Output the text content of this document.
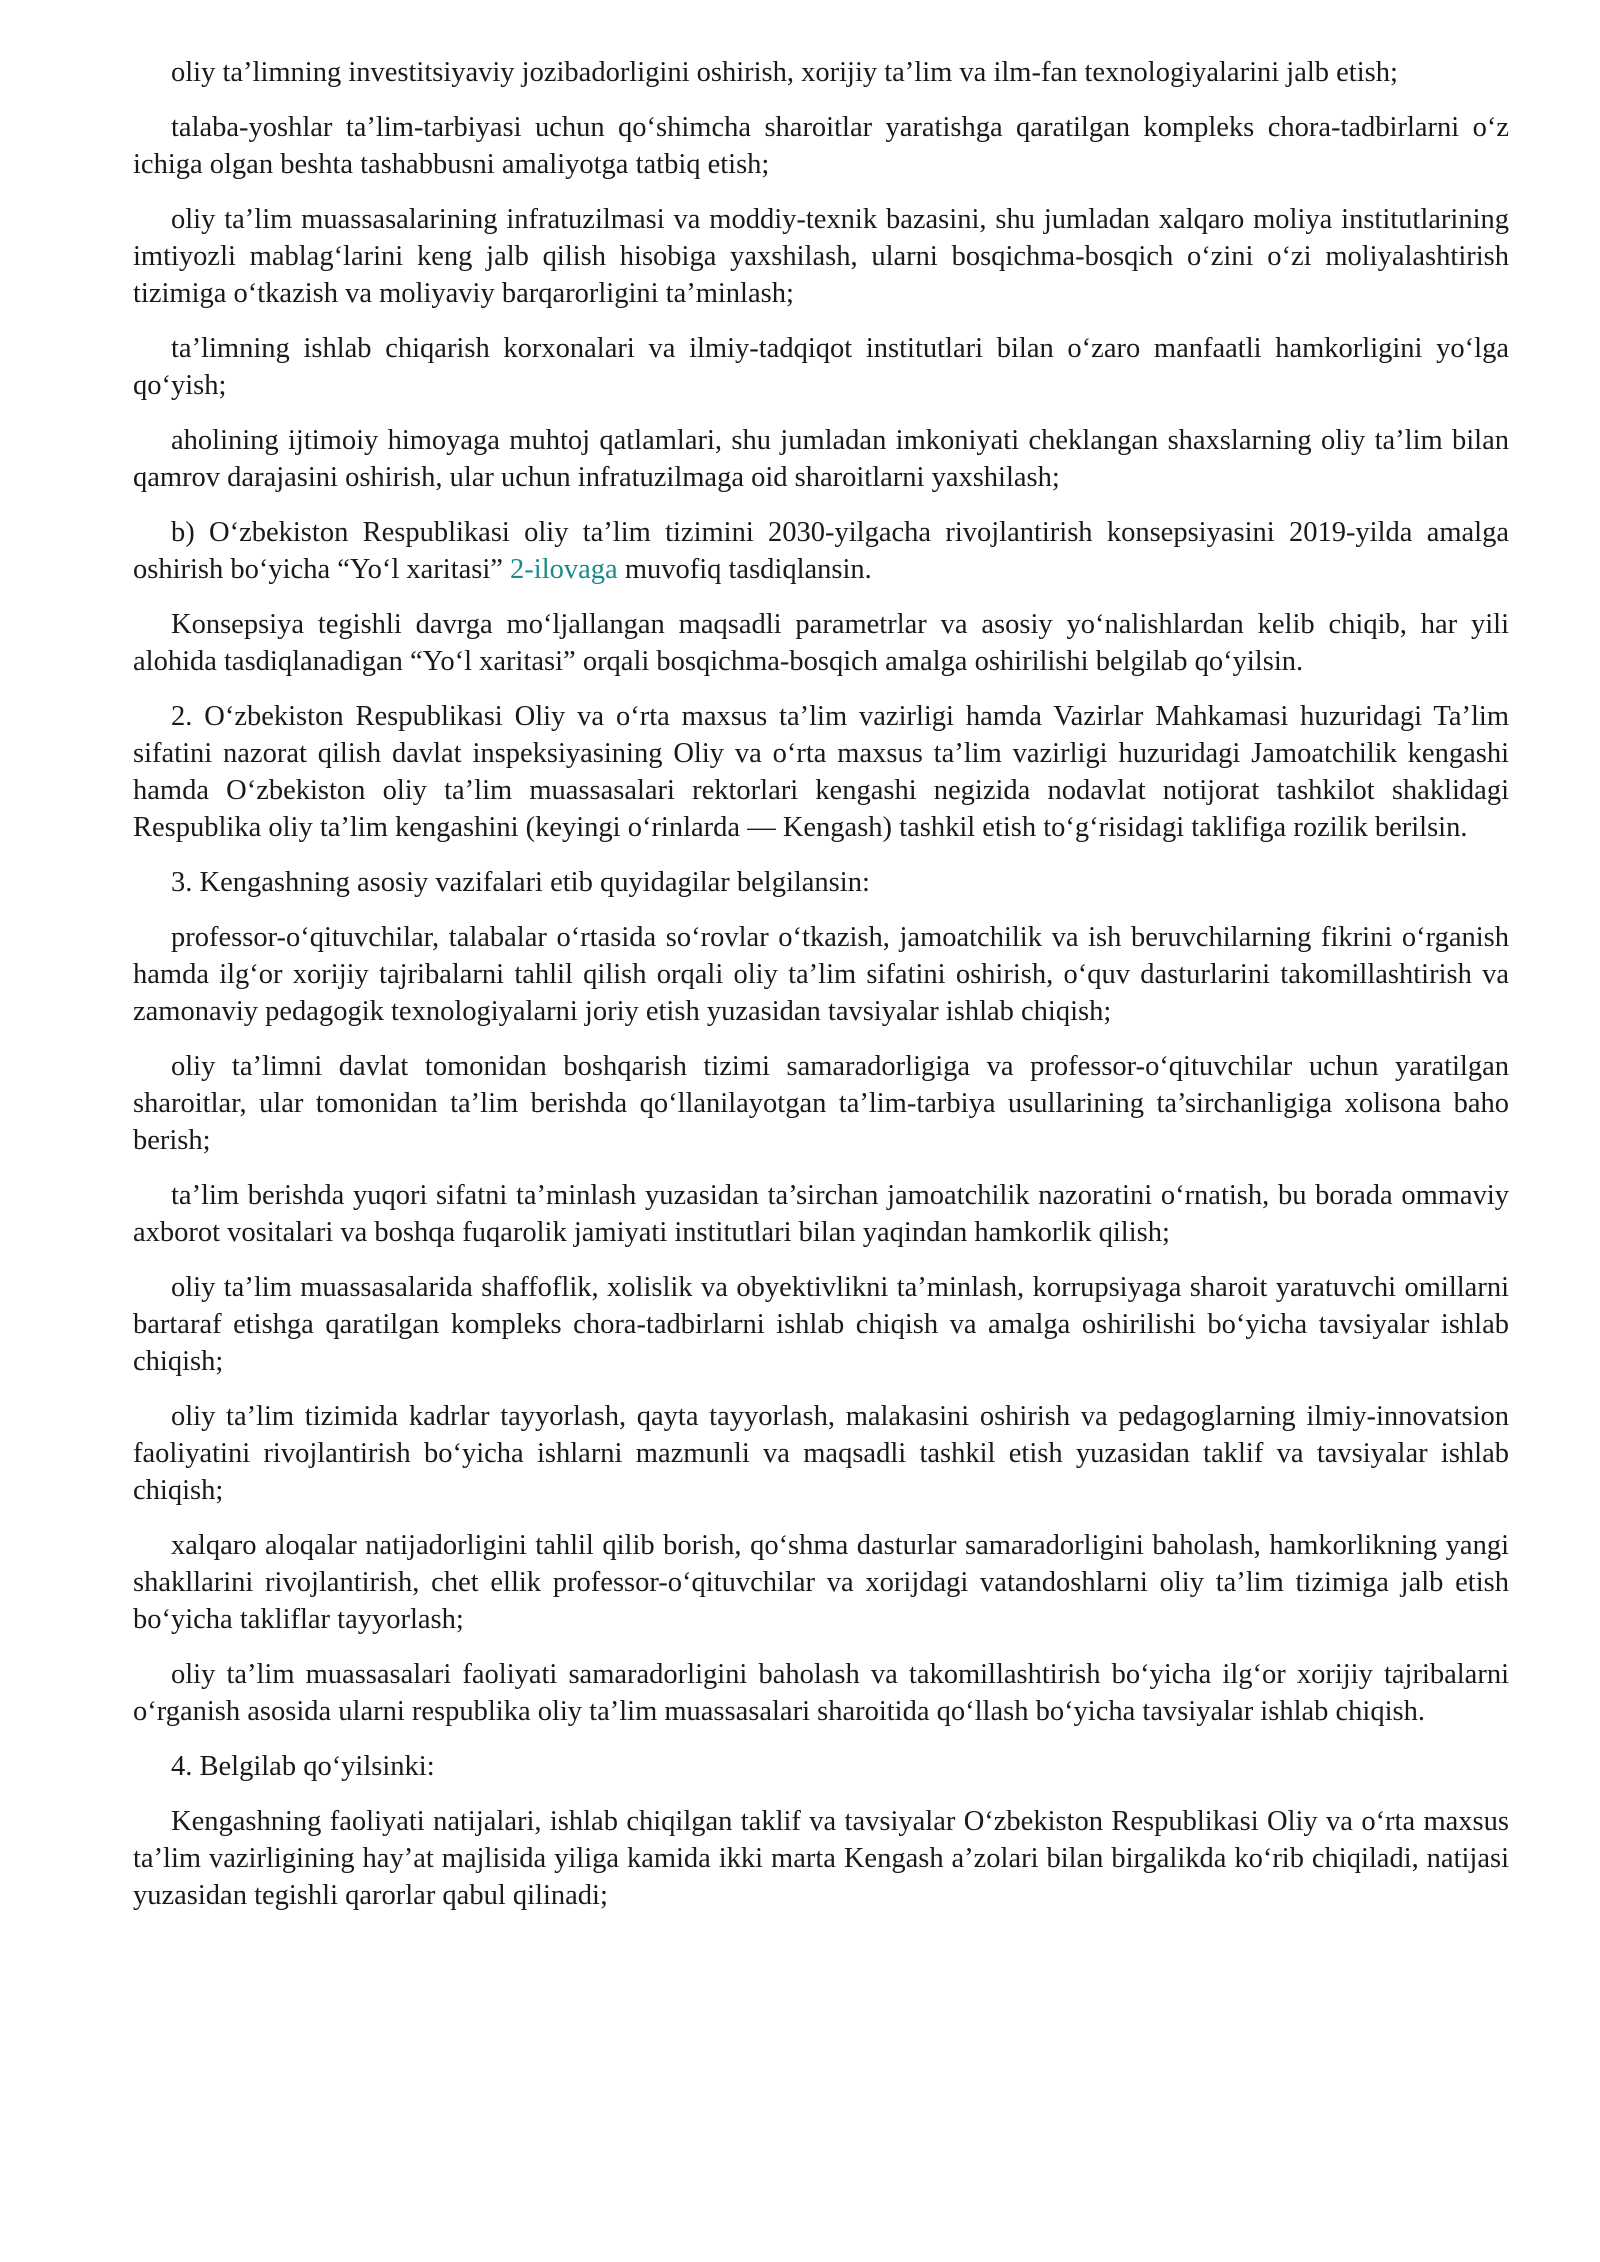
oliy ta’limning investitsiyaviy jozibadorligini oshirish, xorijiy ta’lim va ilm-fan texnologiyalarini jalb etish;

talaba-yoshlar ta’lim-tarbiyasi uchun qo‘shimcha sharoitlar yaratishga qaratilgan kompleks chora-tadbirlarni o‘z ichiga olgan beshta tashabbusni amaliyotga tatbiq etish;

oliy ta’lim muassasalarining infratuzilmasi va moddiy-texnik bazasini, shu jumladan xalqaro moliya institutlarining imtiyozli mablag‘larini keng jalb qilish hisobiga yaxshilash, ularni bosqichma-bosqich o‘zini o‘zi moliyalashtirish tizimiga o‘tkazish va moliyaviy barqarorligini ta’minlash;

ta’limning ishlab chiqarish korxonalari va ilmiy-tadqiqot institutlari bilan o‘zaro manfaatli hamkorligini yo‘lga qo‘yish;

aholining ijtimoiy himoyaga muhtoj qatlamlari, shu jumladan imkoniyati cheklangan shaxslarning oliy ta’lim bilan qamrov darajasini oshirish, ular uchun infratuzilmaga oid sharoitlarni yaxshilash;

b) O‘zbekiston Respublikasi oliy ta’lim tizimini 2030-yilgacha rivojlantirish konsepsiyasini 2019-yilda amalga oshirish bo‘yicha “Yo‘l xaritasi” 2-ilovaga muvofiq tasdiqlansin.

Konsepsiya tegishli davrga mo‘ljallangan maqsadli parametrlar va asosiy yo‘nalishlardan kelib chiqib, har yili alohida tasdiqlanadigan “Yo‘l xaritasi” orqali bosqichma-bosqich amalga oshirilishi belgilab qo‘yilsin.

2. O‘zbekiston Respublikasi Oliy va o‘rta maxsus ta’lim vazirligi hamda Vazirlar Mahkamasi huzuridagi Ta’lim sifatini nazorat qilish davlat inspeksiyasining Oliy va o‘rta maxsus ta’lim vazirligi huzuridagi Jamoatchilik kengashi hamda O‘zbekiston oliy ta’lim muassasalari rektorlari kengashi negizida nodavlat notijorat tashkilot shaklidagi Respublika oliy ta’lim kengashini (keyingi o‘rinlarda — Kengash) tashkil etish to‘g‘risidagi taklifiga rozilik berilsin.

3. Kengashning asosiy vazifalari etib quyidagilar belgilansin:

professor-o‘qituvchilar, talabalar o‘rtasida so‘rovlar o‘tkazish, jamoatchilik va ish beruvchilarning fikrini o‘rganish hamda ilg‘or xorijiy tajribalarni tahlil qilish orqali oliy ta’lim sifatini oshirish, o‘quv dasturlarini takomillashtirish va zamonaviy pedagogik texnologiyalarni joriy etish yuzasidan tavsiyalar ishlab chiqish;

oliy ta’limni davlat tomonidan boshqarish tizimi samaradorligiga va professor-o‘qituvchilar uchun yaratilgan sharoitlar, ular tomonidan ta’lim berishda qo‘llanilayotgan ta’lim-tarbiya usullarining ta’sirchanligiga xolisona baho berish;

ta’lim berishda yuqori sifatni ta’minlash yuzasidan ta’sirchan jamoatchilik nazoratini o‘rnatish, bu borada ommaviy axborot vositalari va boshqa fuqarolik jamiyati institutlari bilan yaqindan hamkorlik qilish;

oliy ta’lim muassasalarida shaffoflik, xolislik va obyektivlikni ta’minlash, korrupsiyaga sharoit yaratuvchi omillarni bartaraf etishga qaratilgan kompleks chora-tadbirlarni ishlab chiqish va amalga oshirilishi bo‘yicha tavsiyalar ishlab chiqish;

oliy ta’lim tizimida kadrlar tayyorlash, qayta tayyorlash, malakasini oshirish va pedagoglarning ilmiy-innovatsion faoliyatini rivojlantirish bo‘yicha ishlarni mazmunli va maqsadli tashkil etish yuzasidan taklif va tavsiyalar ishlab chiqish;

xalqaro aloqalar natijadorligini tahlil qilib borish, qo‘shma dasturlar samaradorligini baholash, hamkorlikning yangi shakllarini rivojlantirish, chet ellik professor-o‘qituvchilar va xorijdagi vatandoshlarni oliy ta’lim tizimiga jalb etish bo‘yicha takliflar tayyorlash;

oliy ta’lim muassasalari faoliyati samaradorligini baholash va takomillashtirish bo‘yicha ilg‘or xorijiy tajribalarni o‘rganish asosida ularni respublika oliy ta’lim muassasalari sharoitida qo‘llash bo‘yicha tavsiyalar ishlab chiqish.

4. Belgilab qo‘yilsinki:

Kengashning faoliyati natijalari, ishlab chiqilgan taklif va tavsiyalar O‘zbekiston Respublikasi Oliy va o‘rta maxsus ta’lim vazirligining hay’at majlisida yiligа kamida ikki marta Kengash a’zolari bilan birgalikda ko‘rib chiqiladi, natijasi yuzasidan tegishli qarorlar qabul qilinadi;
